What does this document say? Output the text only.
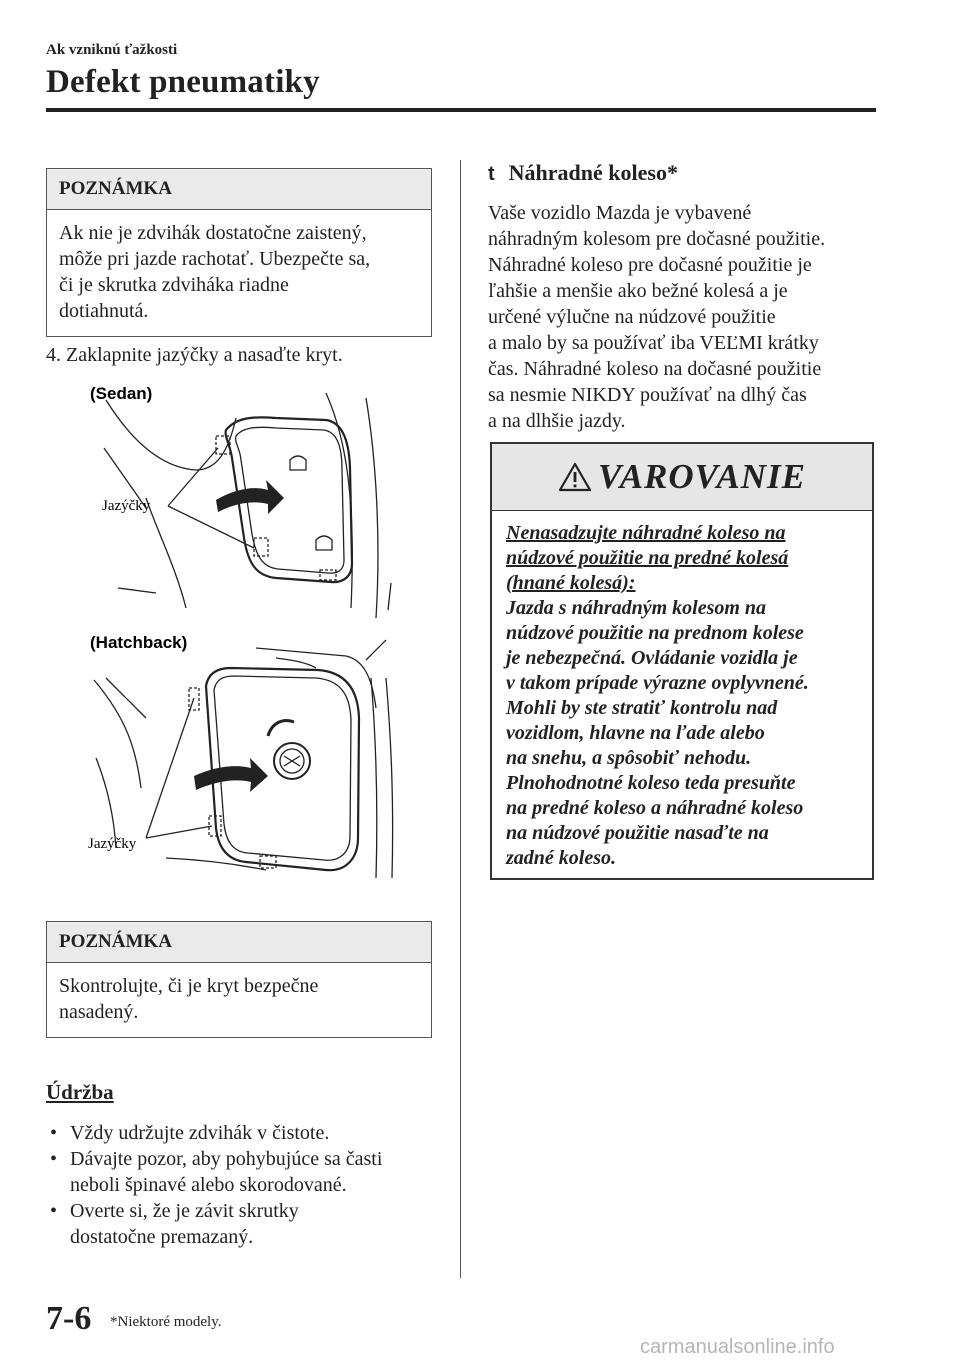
Ak vzniknú ťažkosti
Defekt pneumatiky
POZNÁMKA
Ak nie je zdvihák dostatočne zaistený,
môže pri jazde rachotať. Ubezpečte sa,
či je skrutka zdviháka riadne
dotiahnutá.
4. Zaklapnite jazýčky a nasaďte kryt.
(Sedan)
Jazýčky
(Hatchback)
Jazýčky
POZNÁMKA
Skontrolujte, či je kryt bezpečne
nasadený.
Údržba
• Vždy udržujte zdvihák v čistote.
• Dávajte pozor, aby pohybujúce sa časti
neboli špinavé alebo skorodované.
• Overte si, že je závit skrutky
dostatočne premazaný.
t Náhradné koleso*
Vaše vozidlo Mazda je vybavené
náhradným kolesom pre dočasné použitie.
Náhradné koleso pre dočasné použitie je
ľahšie a menšie ako bežné kolesá a je
určené výlučne na núdzové použitie
a malo by sa používať iba VEĽMI krátky
čas. Náhradné koleso na dočasné použitie
sa nesmie NIKDY používať na dlhý čas
a na dlhšie jazdy.
VAROVANIE
Nenasadzujte náhradné koleso na
núdzové použitie na predné kolesá
(hnané kolesá):
Jazda s náhradným kolesom na
núdzové použitie na prednom kolese
je nebezpečná. Ovládanie vozidla je
v takom prípade výrazne ovplyvnené.
Mohli by ste stratiť kontrolu nad
vozidlom, hlavne na ľade alebo
na snehu, a spôsobiť nehodu.
Plnohodnotné koleso teda presuňte
na predné koleso a náhradné koleso
na núdzové použitie nasaďte na
zadné koleso.
7-6 *Niektoré modely.
carmanualsonline.info
